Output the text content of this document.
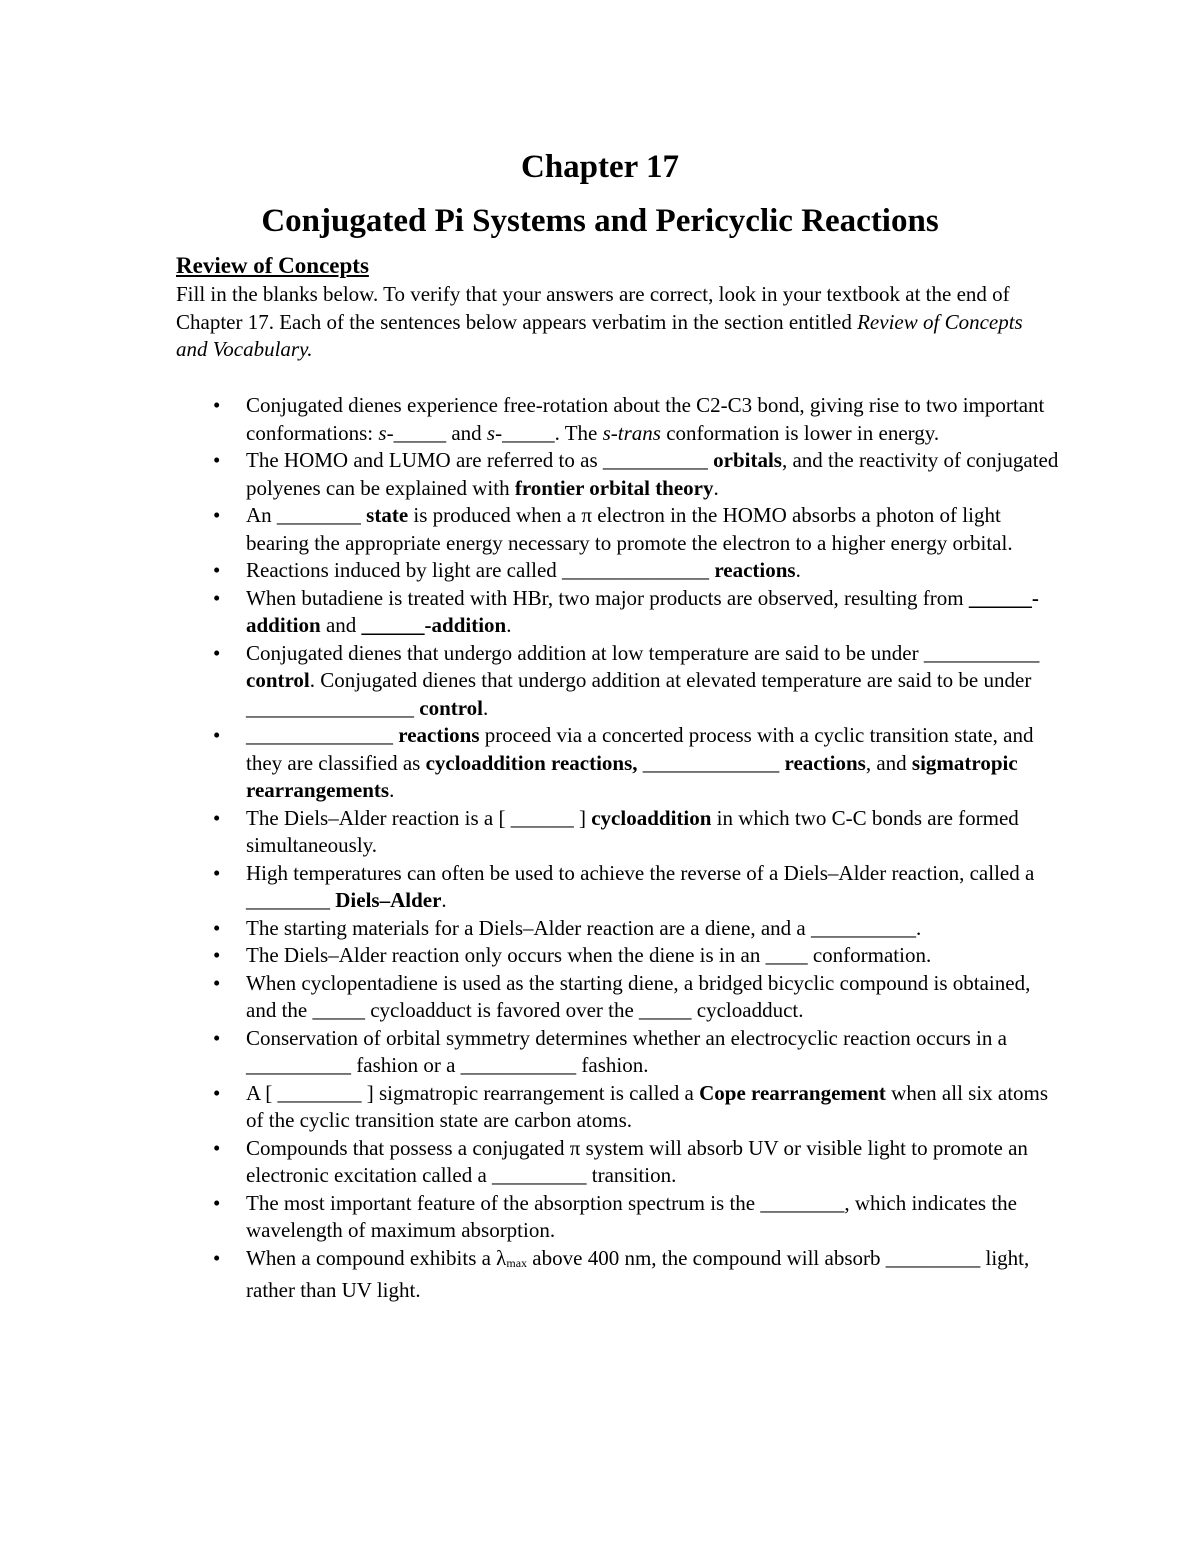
Chapter 17

Conjugated Pi Systems and Pericyclic Reactions

Review of Concepts

Fill in the blanks below. To verify that your answers are correct, look in your textbook at the end of Chapter 17. Each of the sentences below appears verbatim in the section entitled Review of Concepts and Vocabulary.

• Conjugated dienes experience free-rotation about the C2-C3 bond, giving rise to two important conformations: s-_____ and s-_____. The s-trans conformation is lower in energy.
• The HOMO and LUMO are referred to as __________ orbitals, and the reactivity of conjugated polyenes can be explained with frontier orbital theory.
• An ________ state is produced when a π electron in the HOMO absorbs a photon of light bearing the appropriate energy necessary to promote the electron to a higher energy orbital.
• Reactions induced by light are called ______________ reactions.
• When butadiene is treated with HBr, two major products are observed, resulting from ______-addition and ______-addition.
• Conjugated dienes that undergo addition at low temperature are said to be under ___________ control. Conjugated dienes that undergo addition at elevated temperature are said to be under ________________ control.
• ______________ reactions proceed via a concerted process with a cyclic transition state, and they are classified as cycloaddition reactions, _____________ reactions, and sigmatropic rearrangements.
• The Diels–Alder reaction is a [ ______ ] cycloaddition in which two C-C bonds are formed simultaneously.
• High temperatures can often be used to achieve the reverse of a Diels–Alder reaction, called a ________ Diels–Alder.
• The starting materials for a Diels–Alder reaction are a diene, and a __________.
• The Diels–Alder reaction only occurs when the diene is in an ____ conformation.
• When cyclopentadiene is used as the starting diene, a bridged bicyclic compound is obtained, and the _____ cycloadduct is favored over the _____ cycloadduct.
• Conservation of orbital symmetry determines whether an electrocyclic reaction occurs in a __________ fashion or a ___________ fashion.
• A [ ________ ] sigmatropic rearrangement is called a Cope rearrangement when all six atoms of the cyclic transition state are carbon atoms.
• Compounds that possess a conjugated π system will absorb UV or visible light to promote an electronic excitation called a _________ transition.
• The most important feature of the absorption spectrum is the ________, which indicates the wavelength of maximum absorption.
• When a compound exhibits a $\lambda_{max}$ above 400 nm, the compound will absorb _________ light, rather than UV light.
